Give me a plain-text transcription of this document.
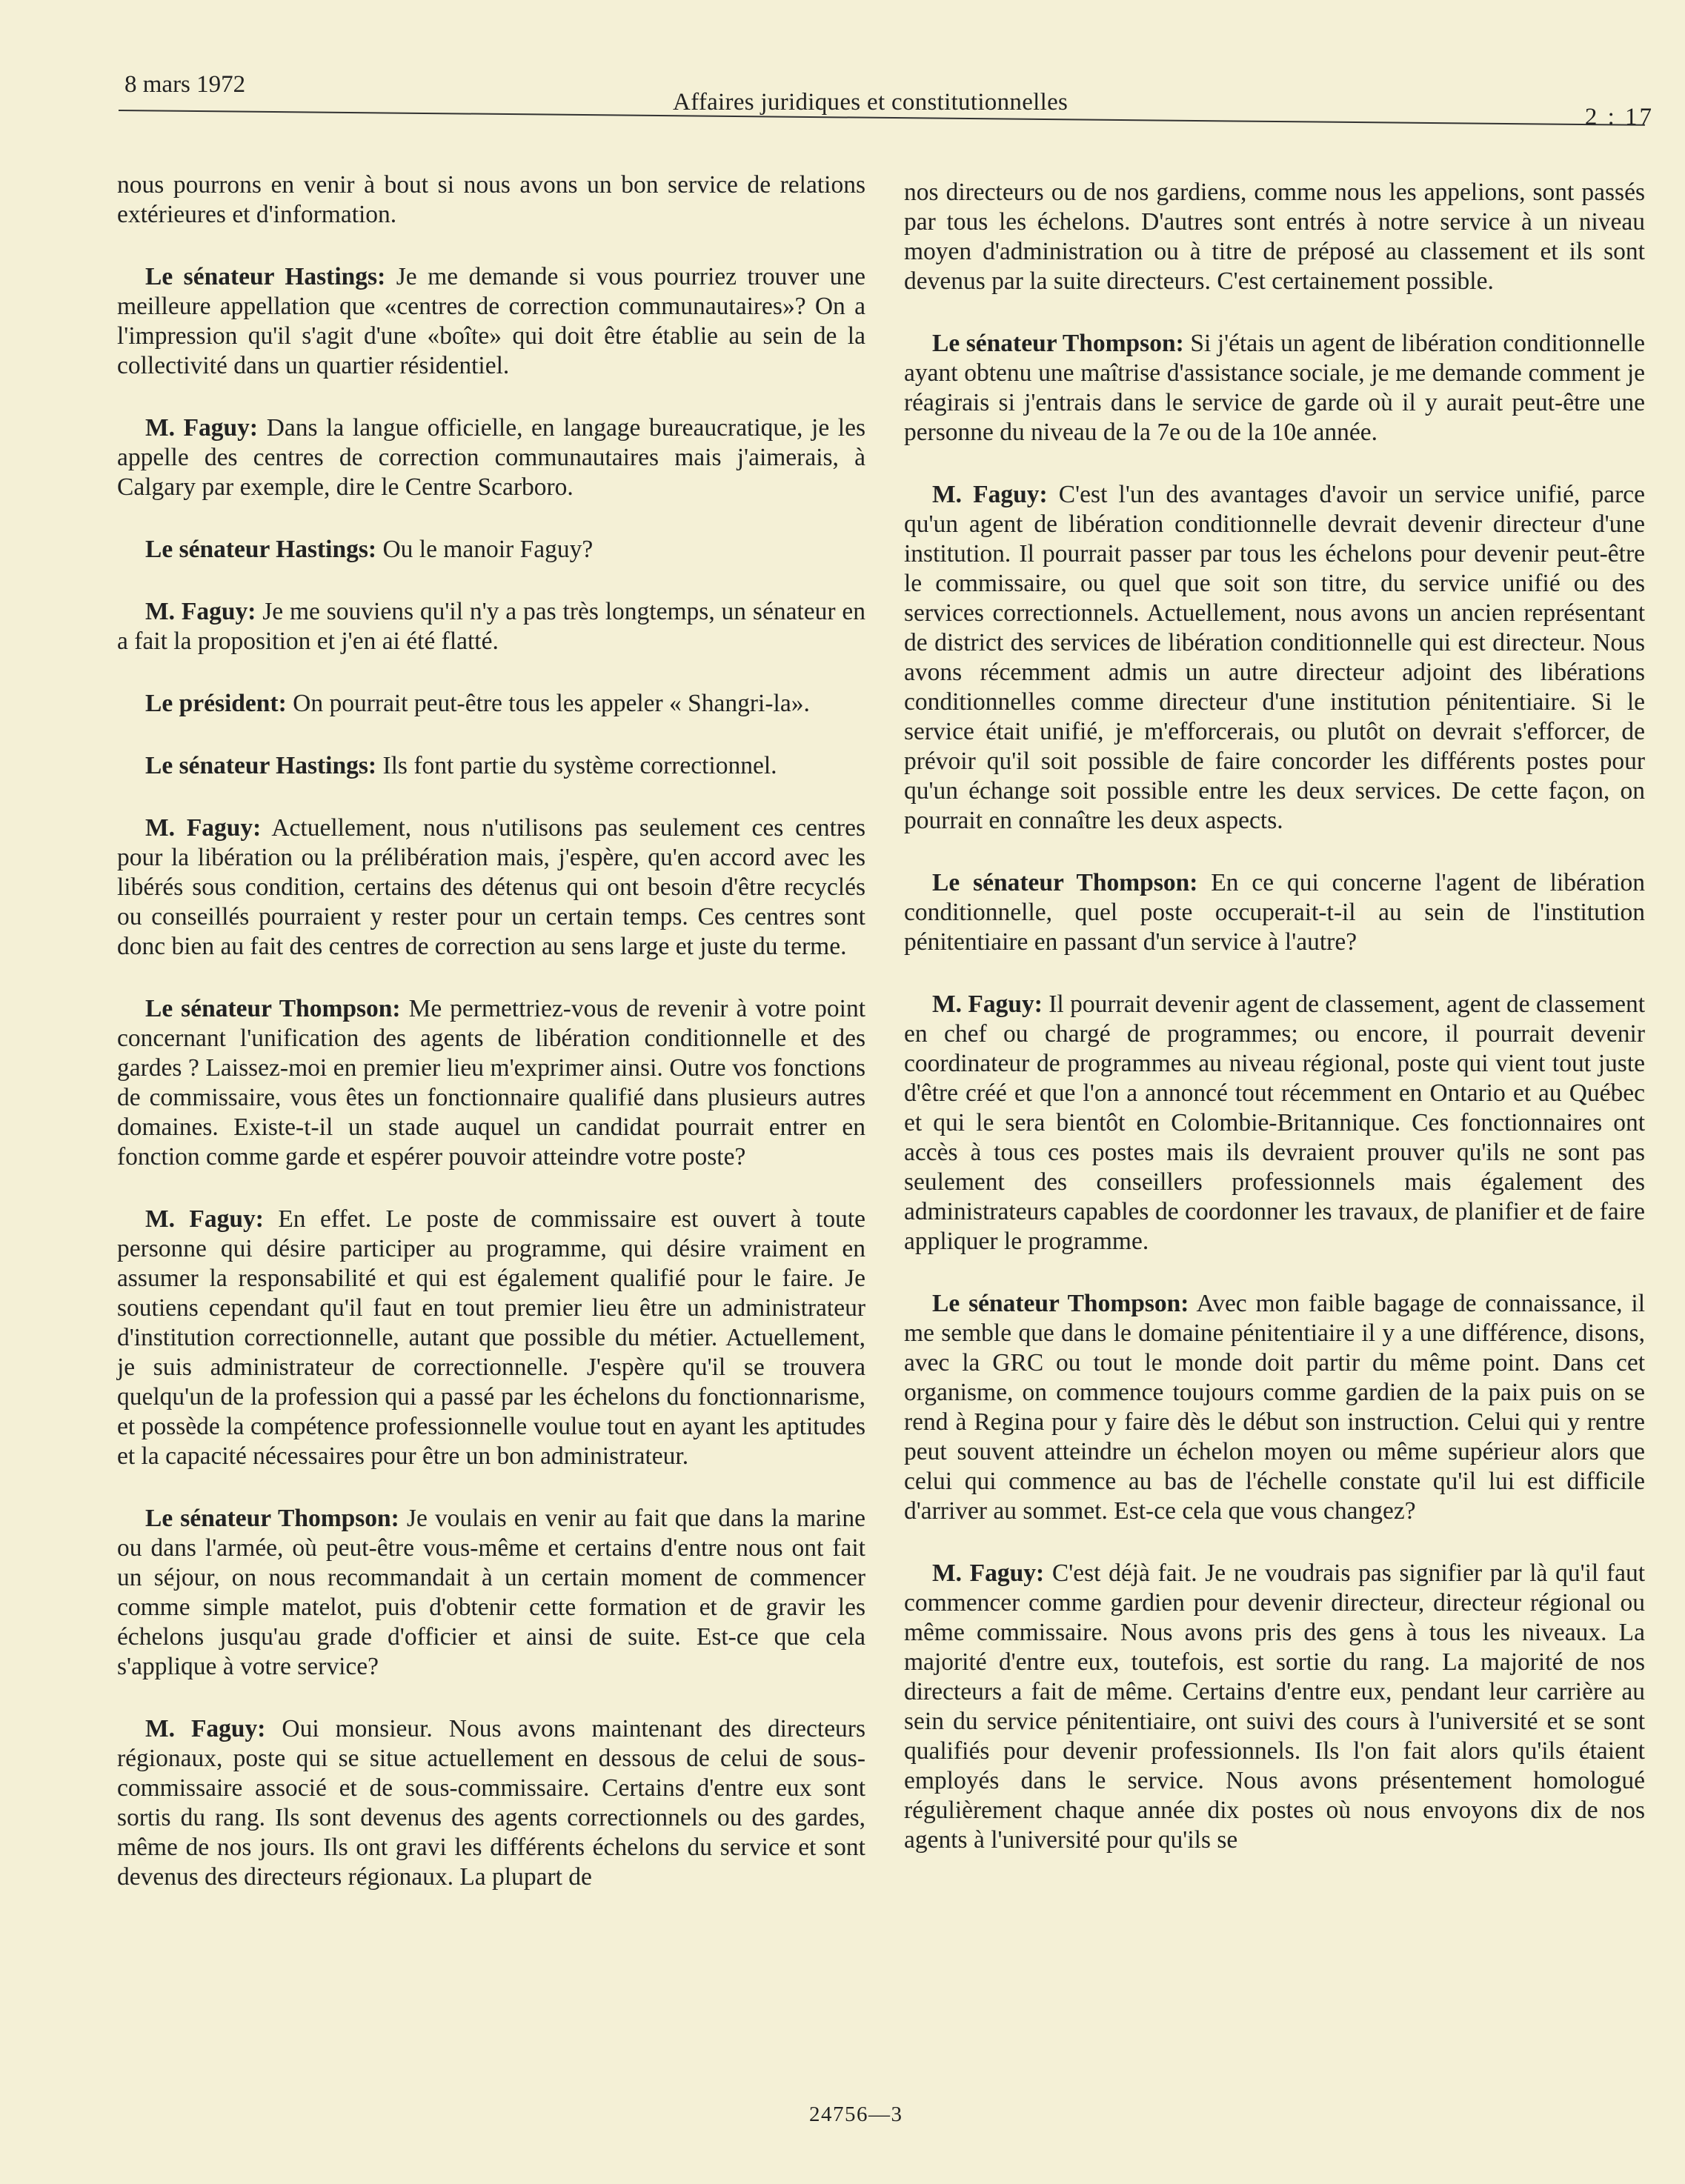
8 mars 1972
Affaires juridiques et constitutionnelles
2 : 17

nous pourrons en venir à bout si nous avons un bon service de relations extérieures et d'information.

Le sénateur Hastings: Je me demande si vous pourriez trouver une meilleure appellation que «centres de correction communautaires»? On a l'impression qu'il s'agit d'une «boîte» qui doit être établie au sein de la collectivité dans un quartier résidentiel.

M. Faguy: Dans la langue officielle, en langage bureaucratique, je les appelle des centres de correction communautaires mais j'aimerais, à Calgary par exemple, dire le Centre Scarboro.

Le sénateur Hastings: Ou le manoir Faguy?

M. Faguy: Je me souviens qu'il n'y a pas très longtemps, un sénateur en a fait la proposition et j'en ai été flatté.

Le président: On pourrait peut-être tous les appeler « Shangri-la».

Le sénateur Hastings: Ils font partie du système correctionnel.

M. Faguy: Actuellement, nous n'utilisons pas seulement ces centres pour la libération ou la prélibération mais, j'espère, qu'en accord avec les libérés sous condition, certains des détenus qui ont besoin d'être recyclés ou conseillés pourraient y rester pour un certain temps. Ces centres sont donc bien au fait des centres de correction au sens large et juste du terme.

Le sénateur Thompson: Me permettriez-vous de revenir à votre point concernant l'unification des agents de libération conditionnelle et des gardes ? Laissez-moi en premier lieu m'exprimer ainsi. Outre vos fonctions de commissaire, vous êtes un fonctionnaire qualifié dans plusieurs autres domaines. Existe-t-il un stade auquel un candidat pourrait entrer en fonction comme garde et espérer pouvoir atteindre votre poste?

M. Faguy: En effet. Le poste de commissaire est ouvert à toute personne qui désire participer au programme, qui désire vraiment en assumer la responsabilité et qui est également qualifié pour le faire. Je soutiens cependant qu'il faut en tout premier lieu être un administrateur d'institution correctionnelle, autant que possible du métier. Actuellement, je suis administrateur de correctionnelle. J'espère qu'il se trouvera quelqu'un de la profession qui a passé par les échelons du fonctionnarisme, et possède la compétence professionnelle voulue tout en ayant les aptitudes et la capacité nécessaires pour être un bon administrateur.

Le sénateur Thompson: Je voulais en venir au fait que dans la marine ou dans l'armée, où peut-être vous-même et certains d'entre nous ont fait un séjour, on nous recommandait à un certain moment de commencer comme simple matelot, puis d'obtenir cette formation et de gravir les échelons jusqu'au grade d'officier et ainsi de suite. Est-ce que cela s'applique à votre service?

M. Faguy: Oui monsieur. Nous avons maintenant des directeurs régionaux, poste qui se situe actuellement en dessous de celui de sous-commissaire associé et de sous-commissaire. Certains d'entre eux sont sortis du rang. Ils sont devenus des agents correctionnels ou des gardes, même de nos jours. Ils ont gravi les différents échelons du service et sont devenus des directeurs régionaux. La plupart de

nos directeurs ou de nos gardiens, comme nous les appelions, sont passés par tous les échelons. D'autres sont entrés à notre service à un niveau moyen d'administration ou à titre de préposé au classement et ils sont devenus par la suite directeurs. C'est certainement possible.

Le sénateur Thompson: Si j'étais un agent de libération conditionnelle ayant obtenu une maîtrise d'assistance sociale, je me demande comment je réagirais si j'entrais dans le service de garde où il y aurait peut-être une personne du niveau de la 7e ou de la 10e année.

M. Faguy: C'est l'un des avantages d'avoir un service unifié, parce qu'un agent de libération conditionnelle devrait devenir directeur d'une institution. Il pourrait passer par tous les échelons pour devenir peut-être le commissaire, ou quel que soit son titre, du service unifié ou des services correctionnels. Actuellement, nous avons un ancien représentant de district des services de libération conditionnelle qui est directeur. Nous avons récemment admis un autre directeur adjoint des libérations conditionnelles comme directeur d'une institution pénitentiaire. Si le service était unifié, je m'efforcerais, ou plutôt on devrait s'efforcer, de prévoir qu'il soit possible de faire concorder les différents postes pour qu'un échange soit possible entre les deux services. De cette façon, on pourrait en connaître les deux aspects.

Le sénateur Thompson: En ce qui concerne l'agent de libération conditionnelle, quel poste occuperait-t-il au sein de l'institution pénitentiaire en passant d'un service à l'autre?

M. Faguy: Il pourrait devenir agent de classement, agent de classement en chef ou chargé de programmes; ou encore, il pourrait devenir coordinateur de programmes au niveau régional, poste qui vient tout juste d'être créé et que l'on a annoncé tout récemment en Ontario et au Québec et qui le sera bientôt en Colombie-Britannique. Ces fonctionnaires ont accès à tous ces postes mais ils devraient prouver qu'ils ne sont pas seulement des conseillers professionnels mais également des administrateurs capables de coordonner les travaux, de planifier et de faire appliquer le programme.

Le sénateur Thompson: Avec mon faible bagage de connaissance, il me semble que dans le domaine pénitentiaire il y a une différence, disons, avec la GRC ou tout le monde doit partir du même point. Dans cet organisme, on commence toujours comme gardien de la paix puis on se rend à Regina pour y faire dès le début son instruction. Celui qui y rentre peut souvent atteindre un échelon moyen ou même supérieur alors que celui qui commence au bas de l'échelle constate qu'il lui est difficile d'arriver au sommet. Est-ce cela que vous changez?

M. Faguy: C'est déjà fait. Je ne voudrais pas signifier par là qu'il faut commencer comme gardien pour devenir directeur, directeur régional ou même commissaire. Nous avons pris des gens à tous les niveaux. La majorité d'entre eux, toutefois, est sortie du rang. La majorité de nos directeurs a fait de même. Certains d'entre eux, pendant leur carrière au sein du service pénitentiaire, ont suivi des cours à l'université et se sont qualifiés pour devenir professionnels. Ils l'on fait alors qu'ils étaient employés dans le service. Nous avons présentement homologué régulièrement chaque année dix postes où nous envoyons dix de nos agents à l'université pour qu'ils se

24756—3
